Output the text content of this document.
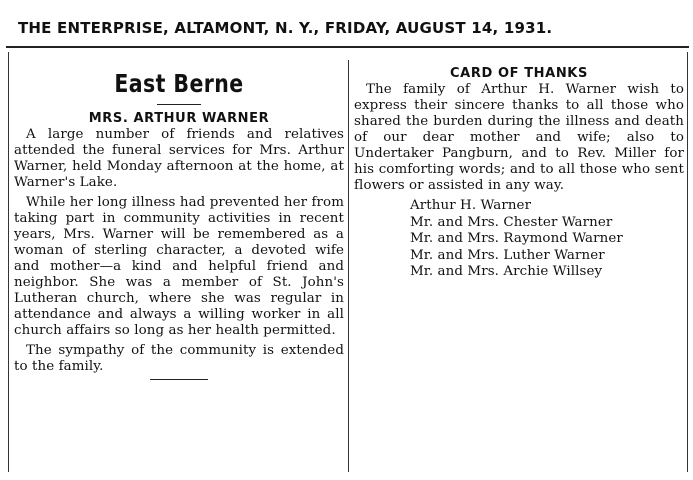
THE ENTERPRISE, ALTAMONT, N. Y., FRIDAY, AUGUST 14, 1931.
East Berne
MRS. ARTHUR WARNER

A large number of friends and relatives attended the funeral services for Mrs. Arthur Warner, held Monday afternoon at the home, at Warner's Lake.

While her long illness had prevented her from taking part in community activities in recent years, Mrs. Warner will be remembered as a woman of sterling character, a devoted wife and mother—a kind and helpful friend and neighbor. She was a member of St. John's Lutheran church, where she was regular in attendance and always a willing worker in all church affairs so long as her health permitted.

The sympathy of the community is extended to the family.

CARD OF THANKS

The family of Arthur H. Warner wish to express their sincere thanks to all those who shared the burden during the illness and death of our dear mother and wife; also to Undertaker Pangburn, and to Rev. Miller for his comforting words; and to all those who sent flowers or assisted in any way.

Arthur H. Warner
Mr. and Mrs. Chester Warner
Mr. and Mrs. Raymond Warner
Mr. and Mrs. Luther Warner
Mr. and Mrs. Archie Willsey
